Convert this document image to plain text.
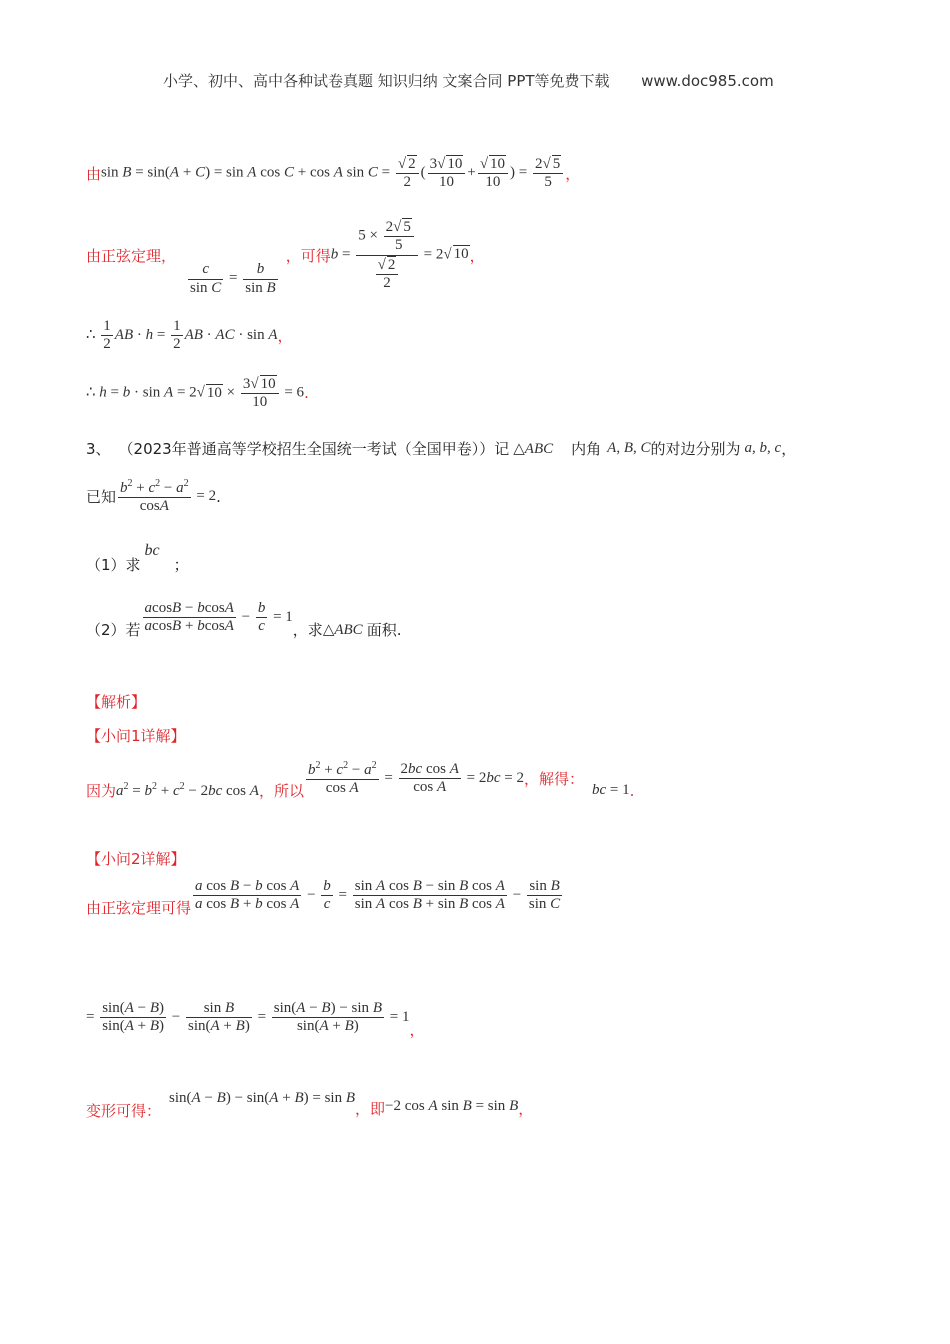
小学、初中、高中各种试卷真题 知识归纳 文案合同 PPT等免费下载 www.doc985.com
由 sin B = sin(A + C) = sin A cos C + cos A $\sin C = \frac{√ 2}{2}$ ( $\frac{3√ 10}{10} + \frac{√ 10}{10}$ ) = $\frac{2√ 5}{5}$ ，
由正弦定理，
$\frac{c}{\text{sin C}} = \frac{b}{\text{sin B}}$
，可得 $b = \frac{5 \times \frac{2√ 5}{5}}{\frac{√ 2}{2}} = 2√$ 10 ，
∴ $\frac{1}{2}$ AB · $h = \frac{1}{2}$ AB · AC · sin A ，
∴ h = b · sin A = 2√ $10 \times \frac{3√ 10}{10} = 6$ .
3、 （2023年普通高等学校招生全国统一考试（全国甲卷））记 △ABC 内角 A, B, C 的对边分别为 a, b, c ，
已知 $\frac{b^2 + c^2 - a^2}{\cos A} = 2$ .
（1）求
bc
；
（2）若 $\frac{acosB - bcosA}{acosB + bcosA} - \frac{b}{c} = 1$
，求 △ABC 面积.
【解析】
【小问1详解】
因为 $a^2 = b^2 + c^2 - 2bc$ cos A ，所以 $\frac{b^2 + c^2 - a^2}{\text{cos A}} = \frac{\text{2bc cos A}}{\text{cos A}} = 2bc = 2$ ，解得：
bc = 1 .
【小问2详解】
由正弦定理可得 $\frac{\text{a cos B − b cos A}}{\text{a cos B + b cos A}} - \frac{b}{c} = \frac{\text{sin A cos B − sin B cos A}}{\text{sin A cos B + sin B cos A}} - \frac{\text{sin B}}{\text{sin C}}$
= $\frac{\sin(A - B)}{\sin(A + B)} - \frac{\text{sin B}}{\sin(A + B)} = \frac{\text{sin(A − B) − sin B}}{\sin(A + B)} = 1$
，
变形可得：
sin(A − B) − sin(A + B) = sin B
，即 −2 cos A sin B = sin B ，
